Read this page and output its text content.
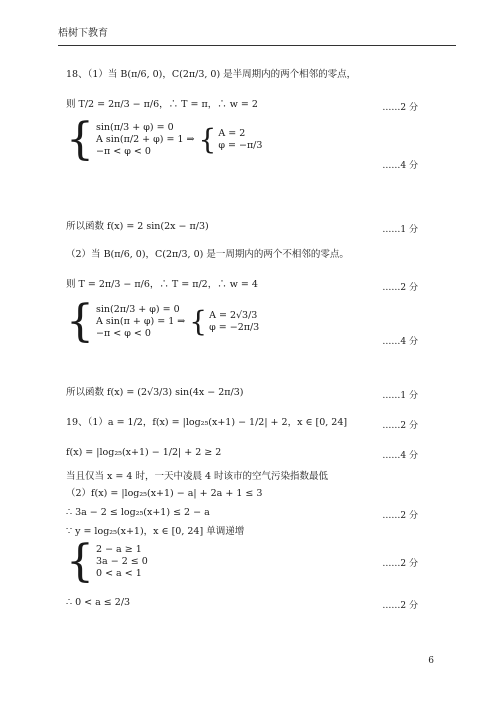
梧树下教育
18、（1）当 B(π/6, 0)，C(2π/3, 0) 是半周期内的两个相邻的零点，
则 T/2 = 2π/3 − π/6，∴ T = π，∴ w = 2	……2 分
{ sin(π/3 + φ) = 0
A sin(π/2 + φ) = 1 ⇒
−π < φ < 0	{ A = 2
φ = −π/3
……4 分
所以函数 f(x) = 2 sin(2x − π/3)	……1 分
（2）当 B(π/6, 0)，C(2π/3, 0) 是一周期内的两个不相邻的零点。
则 T = 2π/3 − π/6，∴ T = π/2，∴ w = 4	……2 分
{ sin(2π/3 + φ) = 0
A sin(π + φ) = 1 ⇒
−π < φ < 0	{ A = 2√3/3
φ = −2π/3
……4 分
所以函数 f(x) = (2√3/3) sin(4x − 2π/3)	……1 分
19、（1）a = 1/2，f(x) = |log₂₅(x+1) − 1/2| + 2，x ∈ [0, 24]	……2 分
f(x) = |log₂₅(x+1) − 1/2| + 2 ≥ 2	……4 分
当且仅当 x = 4 时，一天中凌晨 4 时该市的空气污染指数最低
（2）f(x) = |log₂₅(x+1) − a| + 2a + 1 ≤ 3
∴ 3a − 2 ≤ log₂₅(x+1) ≤ 2 − a	……2 分
∵ y = log₂₅(x+1)，x ∈ [0, 24] 单调递增
{ 2 − a ≥ 1
3a − 2 ≤ 0
0 < a < 1
……2 分
∴ 0 < a ≤ 2/3	……2 分
6
